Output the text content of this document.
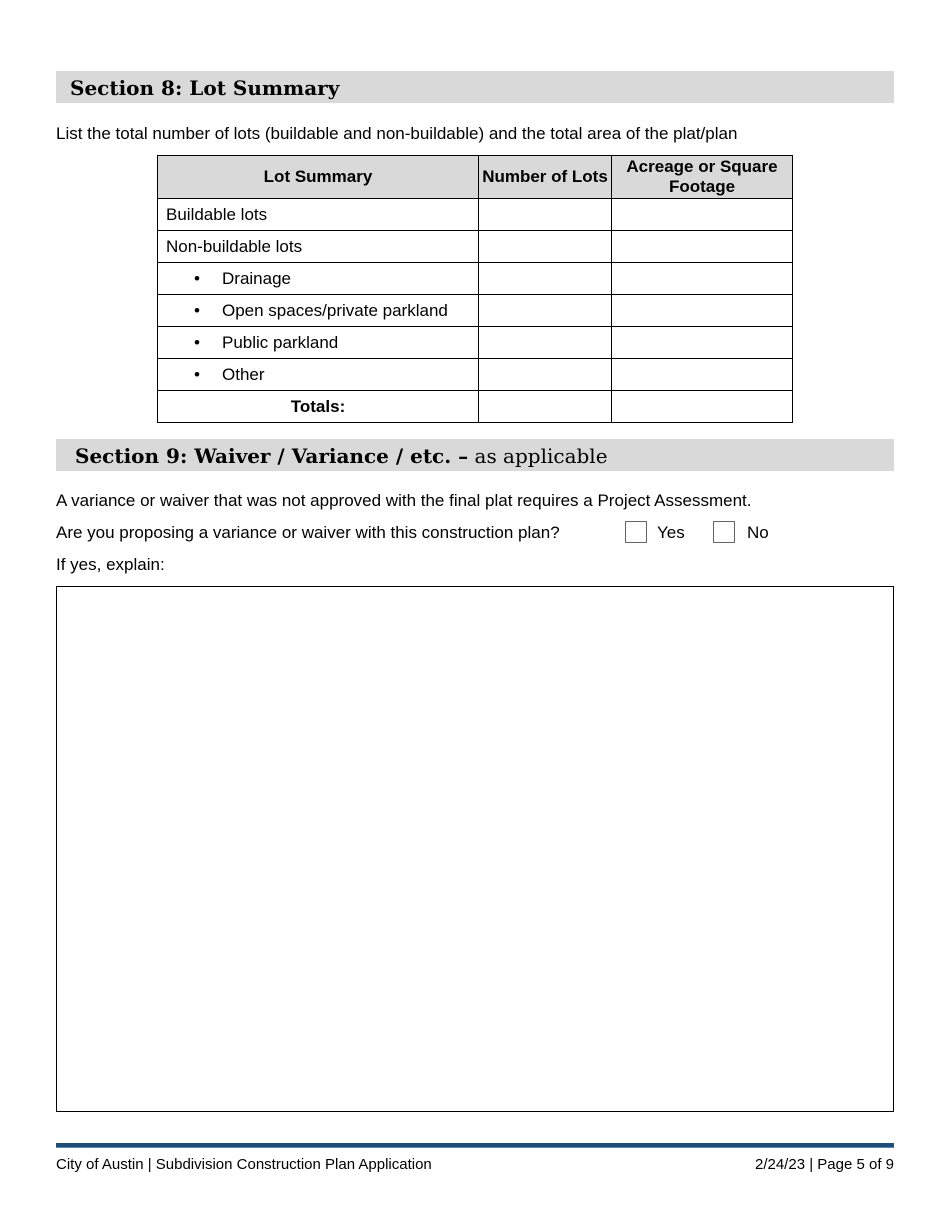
Section 8: Lot Summary
List the total number of lots (buildable and non-buildable) and the total area of the plat/plan
Lot Summary	Number of Lots	Acreage or Square Footage
Buildable lots		
Non-buildable lots		
• Drainage		
• Open spaces/private parkland		
• Public parkland		
• Other		
Totals:		
Section 9: Waiver / Variance / etc. – as applicable
A variance or waiver that was not approved with the final plat requires a Project Assessment.
Are you proposing a variance or waiver with this construction plan?	Yes	No
If yes, explain:
City of Austin | Subdivision Construction Plan Application	2/24/23 | Page 5 of 9
